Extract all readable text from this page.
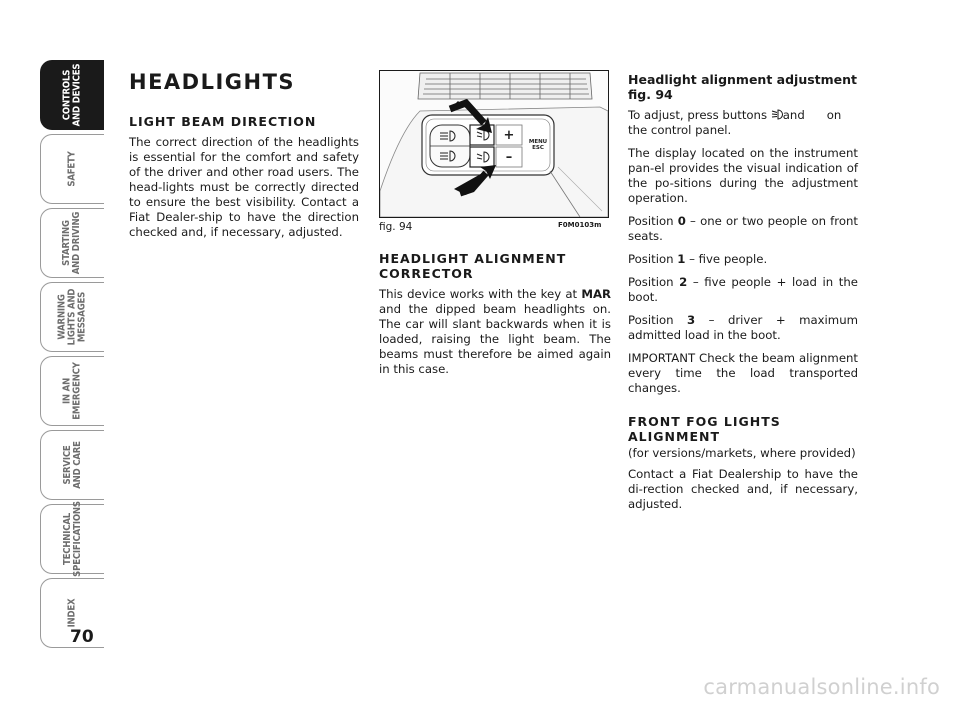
CONTROLS
AND DEVICES
SAFETY
STARTING
AND DRIVING
WARNING
LIGHTS AND
MESSAGES
IN AN
EMERGENCY
SERVICE
AND CARE
TECHNICAL
SPECIFICATIONS
INDEX
70
HEADLIGHTS
LIGHT BEAM DIRECTION

The correct direction of the headlights is essential for the comfort and safety of the driver and other road users. The head-lights must be correctly directed to ensure the best visibility. Contact a Fiat Dealer-ship to have the direction checked and, if necessary, adjusted.

+
–
MENU
ESC
fig. 94	F0M0103m
HEADLIGHT ALIGNMENT CORRECTOR

This device works with the key at MAR and the dipped beam headlights on. The car will slant backwards when it is loaded, raising the light beam. The beams must therefore be aimed again in this case.

Headlight alignment adjustment fig. 94

To adjust, press buttons and on the control panel.

The display located on the instrument pan-el provides the visual indication of the po-sitions during the adjustment operation.

Position 0 – one or two people on front seats.

Position 1 – five people.

Position 2 – five people + load in the boot.

Position 3 – driver + maximum admitted load in the boot.

IMPORTANT Check the beam alignment every time the load transported changes.

FRONT FOG LIGHTS ALIGNMENT

(for versions/markets, where provided)

Contact a Fiat Dealership to have the di-rection checked and, if necessary, adjusted.

carmanualsonline.info
